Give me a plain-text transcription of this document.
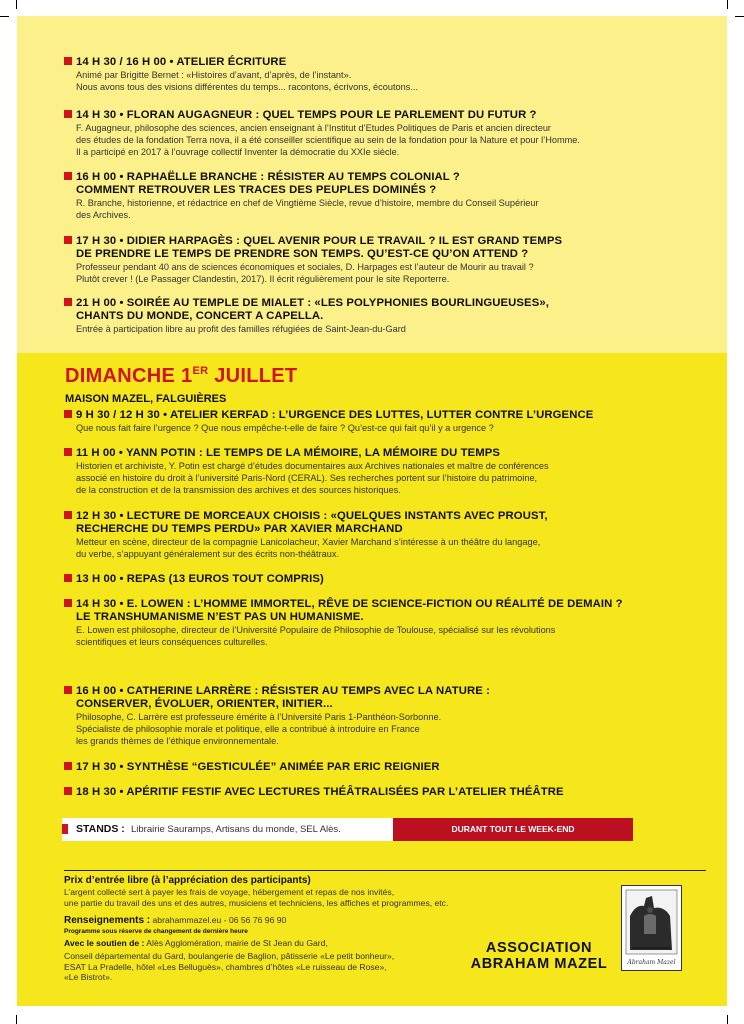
14 H 30 / 16 H 00 • ATELIER ÉCRITURE
Animé par Brigitte Bernet : «Histoires d’avant, d’après, de l’instant».
Nous avons tous des visions différentes du temps... racontons, écrivons, écoutons...
14 H 30 • FLORAN AUGAGNEUR : QUEL TEMPS POUR LE PARLEMENT DU FUTUR ?
F. Augagneur, philosophe des sciences, ancien enseignant à l’Institut d’Etudes Politiques de Paris et ancien directeur
des études de la fondation Terra nova, il a été conseiller scientifique au sein de la fondation pour la Nature et pour l’Homme.
Il a participé en 2017 à l’ouvrage collectif Inventer la démocratie du XXIe siècle.
16 H 00 • RAPHAËLLE BRANCHE : RÉSISTER AU TEMPS COLONIAL ?
COMMENT RETROUVER LES TRACES DES PEUPLES DOMINÉS ?
R. Branche, historienne, et rédactrice en chef de Vingtième Siècle, revue d’histoire, membre du Conseil Supérieur
des Archives.
17 H 30 • DIDIER HARPAGÈS : QUEL AVENIR POUR LE TRAVAIL ? IL EST GRAND TEMPS
DE PRENDRE LE TEMPS DE PRENDRE SON TEMPS. QU’EST-CE QU’ON ATTEND ?
Professeur pendant 40 ans de sciences économiques et sociales, D. Harpages est l’auteur de Mourir au travail ?
Plutôt crever ! (Le Passager Clandestin, 2017). Il écrit régulièrement pour le site Reporterre.
21 H 00 • SOIRÉE AU TEMPLE DE MIALET : «LES POLYPHONIES BOURLINGUEUSES»,
CHANTS DU MONDE, CONCERT A CAPELLA.
Entrée à participation libre au profit des familles réfugiées de Saint-Jean-du-Gard
DIMANCHE 1ER JUILLET
MAISON MAZEL, FALGUIÈRES
9 H 30 / 12 H 30 • ATELIER KERFAD : L’URGENCE DES LUTTES, LUTTER CONTRE L’URGENCE
Que nous fait faire l’urgence ? Que nous empêche-t-elle de faire ? Qu’est-ce qui fait qu’il y a urgence ?
11 H 00 • YANN POTIN : LE TEMPS DE LA MÉMOIRE, LA MÉMOIRE DU TEMPS
Historien et archiviste, Y. Potin est chargé d’études documentaires aux Archives nationales et maître de conférences
associé en histoire du droit à l’université Paris-Nord (CERAL). Ses recherches portent sur l’histoire du patrimoine,
de la construction et de la transmission des archives et des sources historiques.
12 H 30 • LECTURE DE MORCEAUX CHOISIS : «QUELQUES INSTANTS AVEC PROUST,
RECHERCHE DU TEMPS PERDU» PAR XAVIER MARCHAND
Metteur en scène, directeur de la compagnie Lanicolacheur, Xavier Marchand s’intéresse à un théâtre du langage,
du verbe, s’appuyant généralement sur des écrits non-théâtraux.
13 H 00 • REPAS (13 EUROS TOUT COMPRIS)
14 H 30 • E. LOWEN : L’HOMME IMMORTEL, RÊVE DE SCIENCE-FICTION OU RÉALITÉ DE DEMAIN ?
LE TRANSHUMANISME N’EST PAS UN HUMANISME.
E. Lowen est philosophe, directeur de l’Université Populaire de Philosophie de Toulouse, spécialisé sur les révolutions
scientifiques et leurs conséquences culturelles.
16 H 00 • CATHERINE LARRÈRE : RÉSISTER AU TEMPS AVEC LA NATURE :
CONSERVER, ÉVOLUER, ORIENTER, INITIER...
Philosophe, C. Larrère est professeure émérite à l’Université Paris 1-Panthéon-Sorbonne.
Spécialiste de philosophie morale et politique, elle a contribué à introduire en France
les grands thèmes de l’éthique environnementale.
17 H 30 • SYNTHÈSE “GESTICULÉE” ANIMÉE PAR ERIC REIGNIER
18 H 30 • APÉRITIF FESTIF AVEC LECTURES THÉÂTRALISÉES PAR L’ATELIER THÉÂTRE
STANDS : Librairie Sauramps, Artisans du monde, SEL Alès.	DURANT TOUT LE WEEK-END
Prix d’entrée libre (à l’appréciation des participants)
L’argent collecté sert à payer les frais de voyage, hébergement et repas de nos invités,
une partie du travail des uns et des autres, musiciens et techniciens, les affiches et programmes, etc.
Renseignements : abrahammazel.eu - 06 56 76 96 90
Programme sous réserve de changement de dernière heure
Avec le soutien de : Alès Agglomération, mairie de St Jean du Gard,
Conseil départemental du Gard, boulangerie de Baglion, pâtisserie «Le petit bonheur»,
ESAT La Pradelle, hôtel «Les Belluguès», chambres d’hôtes «Le ruisseau de Rose»,
«Le Bistrot».
ASSOCIATION
ABRAHAM MAZEL	Abraham Mazel
